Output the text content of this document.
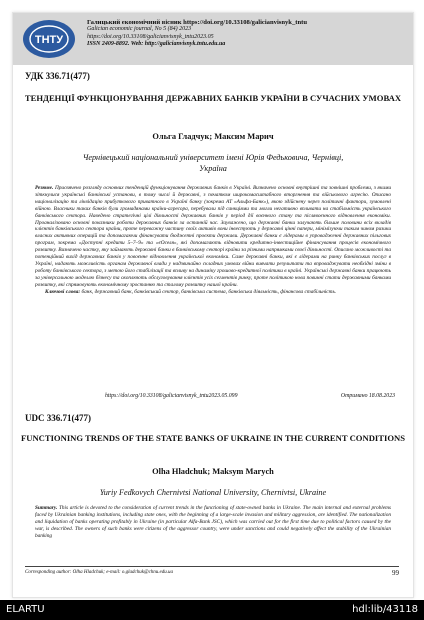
ТНТУ
Галицький економічний вісник https://doi.org/10.33108/galicianvisnyk_tntu
Galician economic journal, No 5 (84) 2023
https://doi.org/10.33108/galicianvisnyk_tntu2023.05
ISSN 2409-8892. Web: http://galicianvisnyk.tntu.edu.ua
УДК 336.71(477)
ТЕНДЕНЦІЇ ФУНКЦІОНУВАННЯ ДЕРЖАВНИХ БАНКІВ УКРАЇНИ В СУЧАСНИХ УМОВАХ
Ольга Гладчук; Максим Марич
Чернівецький національний університет імені Юрія Федьковича, Чернівці, Україна
Резюме. Присвячено розгляду основних тенденцій функціонування державних банків в Україні. Визначено основні внутрішні та зовнішні проблеми, з якими зіткнулися українські банківські установи, в тому числі й державні, з початком широкомасштабного вторгнення та військового агресію. Описано націоналізацію та ліквідацію прибуткового приватного в Україні банку (зокрема АТ «Альфа-Банк»), якою здійснену через політичні фактори, зумовлені війною. Власники таких банків були громадянами країни-агресора, перебували під санкціями та могли негативно впливати на стабільність українського банківського сектора. Наведено стратегічні цілі діяльності державних банків у період дії воєнного стану та післявоєнного відновлення економіки. Проаналізовано основні показники роботи державних банків за останній час. Зауважено, що державні банки залучають більше половини всіх вкладів клієнтів банківського сектора країни, проте переважну частину своїх активів вони інвестують у державні цінні папери, мінімізуючи таким чином ризики власних активних операцій та допомагаючи фінансувати бюджетні проєкти держави. Державні банки є лідерами в упровадженні державних пільгових програм, зокрема «Доступні кредити 5–7–9» та «єОселя», які допомагають відновити кредитно-інвестиційне фінансування процесів економічного розвитку. Визначено частку, яку займають державні банки в банківському секторі країни за різними напрямками своєї діяльності. Описано можливості та потенційний вихід державних банків у повоєнне відновлення української економіки. Саме державні банки, які є лідерами на ринку банківських послуг в Україні, надають можливість органам державної влади у надзвичайно складних умовах війни вивчати результати та впроваджувати необхідні зміни в роботу банківського сектора, з метою його стабілізації та впливу на динаміку грошово-кредитної політики в країні. Українські державні банки працюють за універсальною моделлю бізнесу та охоплюють обслуговування клієнтів усіх сегментів ринку, проте політикою нова повинні стати державними банками розвитку, які спрямовують економічному зростанню та сталому розвитку нашої країни.
Ключові слова: банк, державний банк, банківський сектор, банківська система, банківська діяльність, фінансова стабільність.
https://doi.org/10.33108/galicianvisnyk_tntu2023.05.099	Отримано 18.08.2023
UDC 336.71(477)
FUNCTIONING TRENDS OF THE STATE BANKS OF UKRAINE IN THE CURRENT CONDITIONS
Olha Hladchuk; Maksym Marych
Yuriy Fedkovych Chernivtsi National University, Chernivtsi, Ukraine
Summary. This article is devoted to the consideration of current trends in the functioning of state-owned banks in Ukraine. The main internal and external problems faced by Ukrainian banking institutions, including state ones, with the beginning of a large-scale invasion and military aggression, are identified. The nationalization and liquidation of banks operating profitably in Ukraine (in particular Alfa-Bank JSC), which was carried out for the first time due to political factors caused by the war, is described. The owners of such banks were citizens of the aggressor country, were under sanctions and could negatively affect the stability of the Ukrainian banking
Corresponding author: Olha Hladchuk; e-mail: o.gladchuk@chnu.edu.ua	99
ELARTU	hdl:lib/43118
